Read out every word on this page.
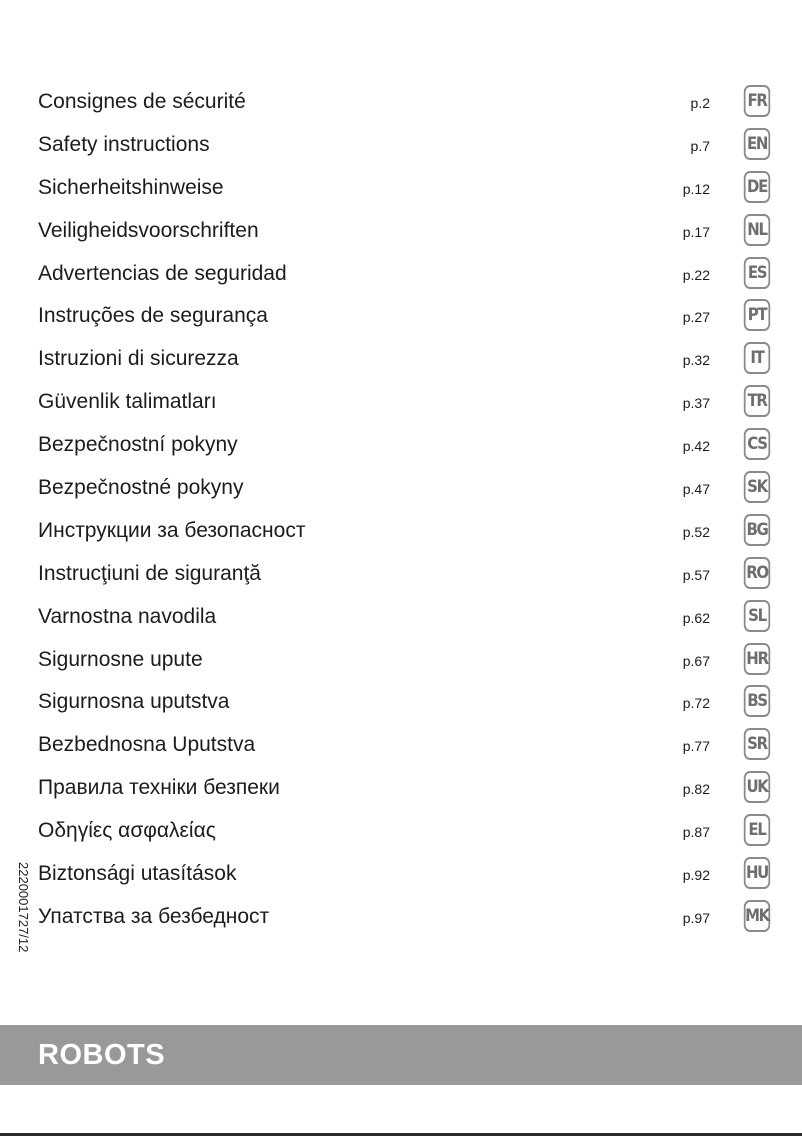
Consignes de sécurité	p.2 FR
Safety instructions	p.7 EN
Sicherheitshinweise	p.12 DE
Veiligheidsvoorschriften	p.17 NL
Advertencias de seguridad	p.22 ES
Instruções de segurança	p.27 PT
Istruzioni di sicurezza	p.32	IT
Güvenlik talimatları	p.37 TR
Bezpečnostní pokyny	p.42 CS
Bezpečnostné pokyny	p.47 SK
Инструкции за безопасност	p.52 BG
Instrucţiuni de siguranţă	p.57 RO
Varnostna navodila	p.62 SL
Sigurnosne upute	p.67 HR
Sigurnosna uputstva	p.72 BS
Bezbednosna Uputstva	p.77 SR
Правила техніки безпеки	p.82 UK
Οδηγίες ασφαλείας	p.87 EL
Biztonsági utasítások	p.92 HU
Упатства за безбедност	p.97 MK
2220001727/12
ROBOTS
